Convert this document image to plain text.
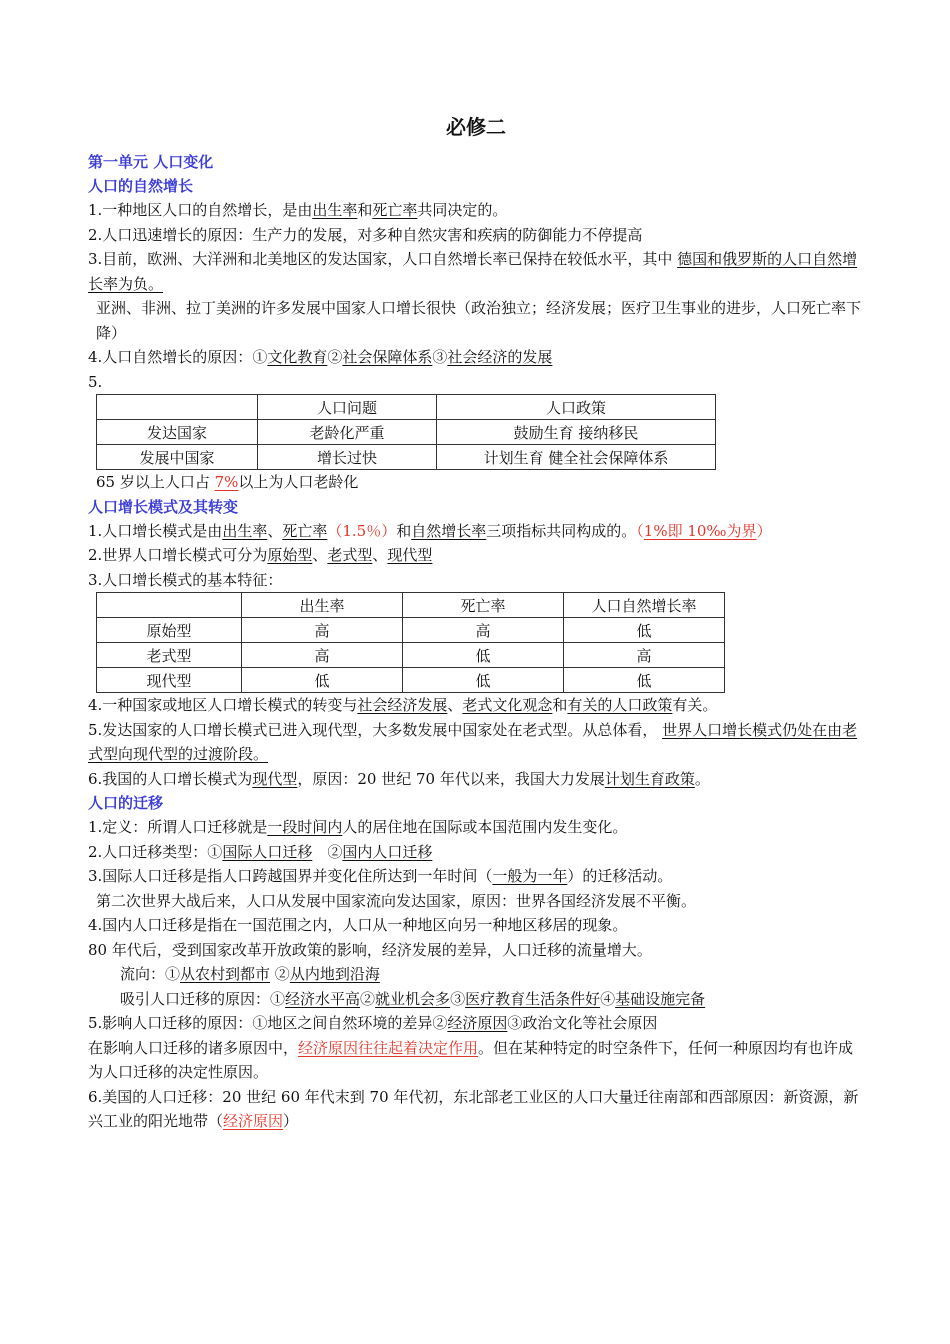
必修二
第一单元 人口变化
人口的自然增长
1.一种地区人口的自然增长，是由出生率和死亡率共同决定的。
2.人口迅速增长的原因：生产力的发展，对多种自然灾害和疾病的防御能力不停提高
3.目前，欧洲、大洋洲和北美地区的发达国家，人口自然增长率已保持在较低水平，其中 德国和俄罗斯的人口自然增长率为负。
亚洲、非洲、拉丁美洲的许多发展中国家人口增长很快（政治独立；经济发展；医疗卫生事业的进步，人口死亡率下降）
4.人口自然增长的原因：①文化教育②社会保障体系③社会经济的发展
5.
	人口问题	人口政策
发达国家	老龄化严重	鼓励生育 接纳移民
发展中国家	增长过快	计划生育 健全社会保障体系
65 岁以上人口占 7%以上为人口老龄化
人口增长模式及其转变
1.人口增长模式是由出生率、死亡率（1.5％）和自然增长率三项指标共同构成的。（1%即 10‰为界）
2.世界人口增长模式可分为原始型、老式型、现代型
3.人口增长模式的基本特征：
	出生率	死亡率	人口自然增长率
原始型	高	高	低
老式型	高	低	高
现代型	低	低	低
4.一种国家或地区人口增长模式的转变与社会经济发展、老式文化观念和有关的人口政策有关。
5.发达国家的人口增长模式已进入现代型，大多数发展中国家处在老式型。从总体看， 世界人口增长模式仍处在由老式型向现代型的过渡阶段。
6.我国的人口增长模式为现代型，原因：20 世纪 70 年代以来，我国大力发展计划生育政策。
人口的迁移
1.定义：所谓人口迁移就是一段时间内人的居住地在国际或本国范围内发生变化。
2.人口迁移类型：①国际人口迁移　②国内人口迁移
3.国际人口迁移是指人口跨越国界并变化住所达到一年时间（一般为一年）的迁移活动。
第二次世界大战后来，人口从发展中国家流向发达国家，原因：世界各国经济发展不平衡。
4.国内人口迁移是指在一国范围之内，人口从一种地区向另一种地区移居的现象。
80 年代后，受到国家改革开放政策的影响，经济发展的差异，人口迁移的流量增大。
流向：①从农村到都市 ②从内地到沿海
吸引人口迁移的原因：①经济水平高②就业机会多③医疗教育生活条件好④基础设施完备
5.影响人口迁移的原因：①地区之间自然环境的差异②经济原因③政治文化等社会原因
在影响人口迁移的诸多原因中，经济原因往往起着决定作用。但在某种特定的时空条件下，任何一种原因均有也许成为人口迁移的决定性原因。
6.美国的人口迁移：20 世纪 60 年代末到 70 年代初，东北部老工业区的人口大量迁往南部和西部原因：新资源，新兴工业的阳光地带（经济原因）
